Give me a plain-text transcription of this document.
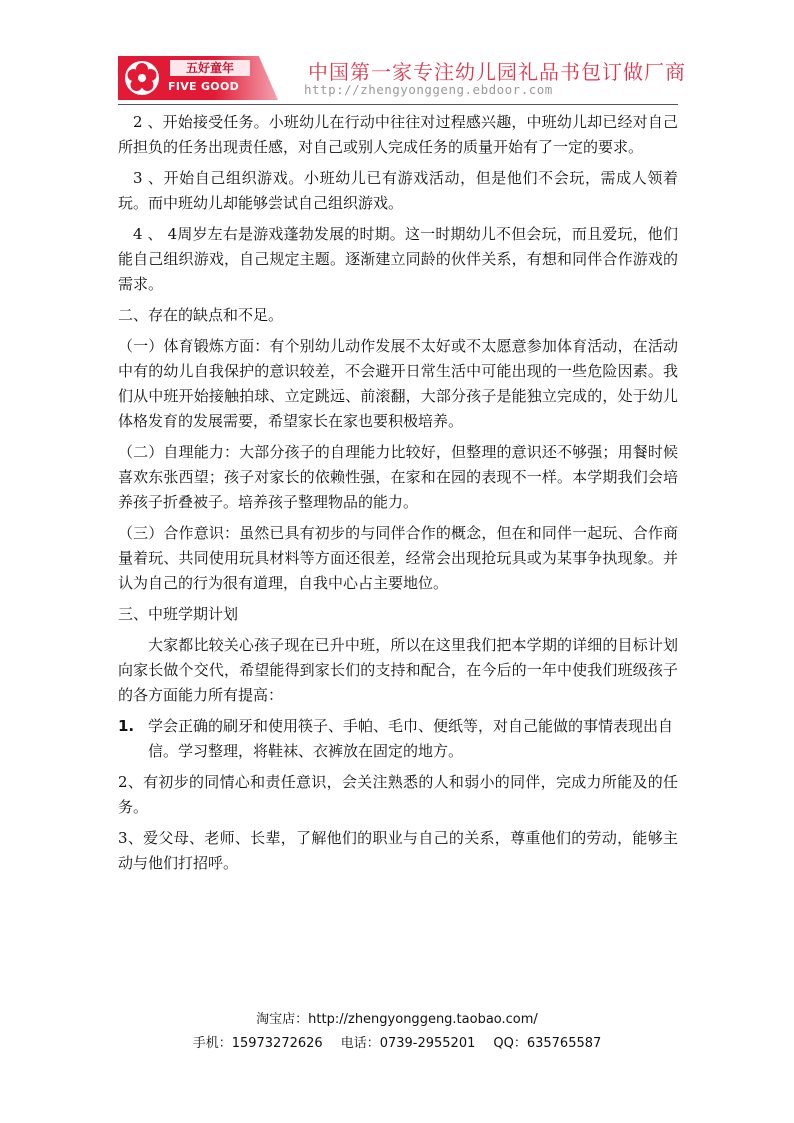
五好童年
FIVE GOOD
中国第一家专注幼儿园礼品书包订做厂商
http://zhengyonggeng.ebdoor.com

2 、开始接受任务。小班幼儿在行动中往往对过程感兴趣，中班幼儿却已经对自己所担负的任务出现责任感，对自己或别人完成任务的质量开始有了一定的要求。

3 、开始自己组织游戏。小班幼儿已有游戏活动，但是他们不会玩，需成人领着玩。而中班幼儿却能够尝试自己组织游戏。

4 、 4周岁左右是游戏蓬勃发展的时期。这一时期幼儿不但会玩，而且爱玩，他们能自己组织游戏，自己规定主题。逐渐建立同龄的伙伴关系，有想和同伴合作游戏的需求。

二、存在的缺点和不足。

（一）体育锻炼方面：有个别幼儿动作发展不太好或不太愿意参加体育活动，在活动中有的幼儿自我保护的意识较差，不会避开日常生活中可能出现的一些危险因素。我们从中班开始接触拍球、立定跳远、前滚翻，大部分孩子是能独立完成的，处于幼儿体格发育的发展需要，希望家长在家也要积极培养。

（二）自理能力：大部分孩子的自理能力比较好，但整理的意识还不够强；用餐时候喜欢东张西望；孩子对家长的依赖性强，在家和在园的表现不一样。本学期我们会培养孩子折叠被子。培养孩子整理物品的能力。

（三）合作意识：虽然已具有初步的与同伴合作的概念，但在和同伴一起玩、合作商量着玩、共同使用玩具材料等方面还很差，经常会出现抢玩具或为某事争执现象。并认为自己的行为很有道理，自我中心占主要地位。

三、中班学期计划

大家都比较关心孩子现在已升中班，所以在这里我们把本学期的详细的目标计划向家长做个交代，希望能得到家长们的支持和配合，在今后的一年中使我们班级孩子的各方面能力所有提高：

1. 学会正确的刷牙和使用筷子、手帕、毛巾、便纸等，对自己能做的事情表现出自信。学习整理，将鞋袜、衣裤放在固定的地方。

2、有初步的同情心和责任意识，会关注熟悉的人和弱小的同伴，完成力所能及的任务。

3、爱父母、老师、长辈，了解他们的职业与自己的关系，尊重他们的劳动，能够主动与他们打招呼。

淘宝店：http://zhengyonggeng.taobao.com/
手机：15973272626 电话：0739-2955201 QQ：635765587
